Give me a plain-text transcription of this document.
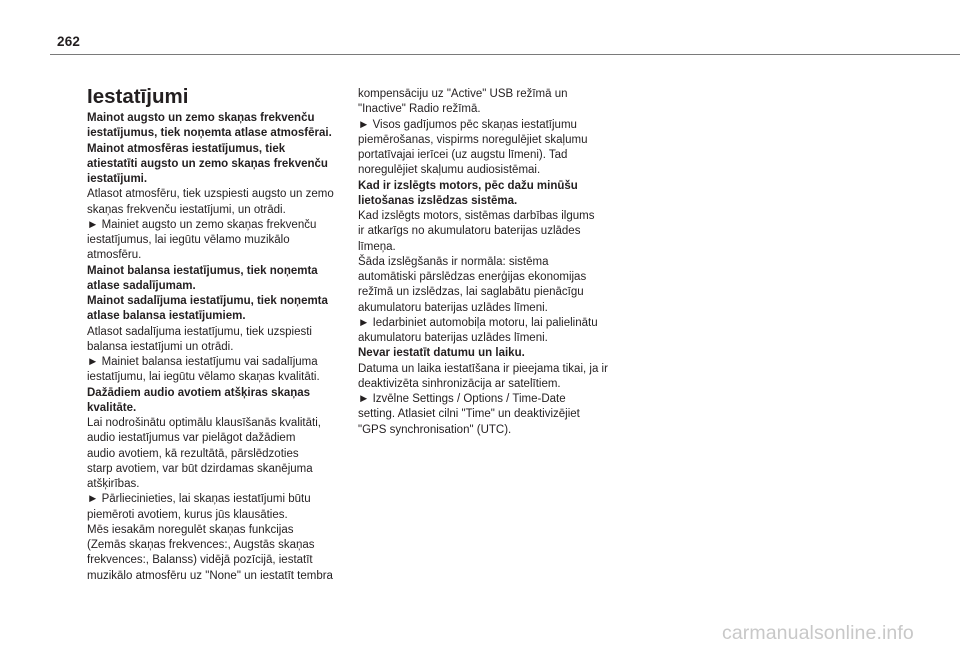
262
Iestatījumi

Mainot augsto un zemo skaņas frekvenču
iestatījumus, tiek noņemta atlase atmosfērai.

Mainot atmosfēras iestatījumus, tiek
atiestatīti augsto un zemo skaņas frekvenču
iestatījumi.

Atlasot atmosfēru, tiek uzspiesti augsto un zemo
skaņas frekvenču iestatījumi, un otrādi.

► Mainiet augsto un zemo skaņas frekvenču
iestatījumus, lai iegūtu vēlamo muzikālo
atmosfēru.

Mainot balansa iestatījumus, tiek noņemta
atlase sadalījumam.

Mainot sadalījuma iestatījumu, tiek noņemta
atlase balansa iestatījumiem.

Atlasot sadalījuma iestatījumu, tiek uzspiesti
balansa iestatījumi un otrādi.

► Mainiet balansa iestatījumu vai sadalījuma
iestatījumu, lai iegūtu vēlamo skaņas kvalitāti.

Dažādiem audio avotiem atšķiras skaņas
kvalitāte.

Lai nodrošinātu optimālu klausīšanās kvalitāti,
audio iestatījumus var pielāgot dažādiem
audio avotiem, kā rezultātā, pārslēdzoties
starp avotiem, var būt dzirdamas skanējuma
atšķirības.

► Pārliecinieties, lai skaņas iestatījumi būtu
piemēroti avotiem, kurus jūs klausāties.
Mēs iesakām noregulēt skaņas funkcijas
(Zemās skaņas frekvences:, Augstās skaņas
frekvences:, Balanss) vidējā pozīcijā, iestatīt
muzikālo atmosfēru uz "None" un iestatīt tembra

kompensāciju uz "Active" USB režīmā un
"Inactive" Radio režīmā.

► Visos gadījumos pēc skaņas iestatījumu
piemērošanas, vispirms noregulējiet skaļumu
portatīvajai ierīcei (uz augstu līmeni). Tad
noregulējiet skaļumu audiosistēmai.

Kad ir izslēgts motors, pēc dažu minūšu
lietošanas izslēdzas sistēma.

Kad izslēgts motors, sistēmas darbības ilgums
ir atkarīgs no akumulatoru baterijas uzlādes
līmeņa.

Šāda izslēgšanās ir normāla: sistēma
automātiski pārslēdzas enerģijas ekonomijas
režīmā un izslēdzas, lai saglabātu pienācīgu
akumulatoru baterijas uzlādes līmeni.

► Iedarbiniet automobiļa motoru, lai palielinātu
akumulatoru baterijas uzlādes līmeni.

Nevar iestatīt datumu un laiku.

Datuma un laika iestatīšana ir pieejama tikai, ja ir
deaktivizēta sinhronizācija ar satelītiem.

► Izvēlne Settings / Options / Time-Date
setting. Atlasiet cilni "Time" un deaktivizējiet
"GPS synchronisation" (UTC).

carmanualsonline.info
